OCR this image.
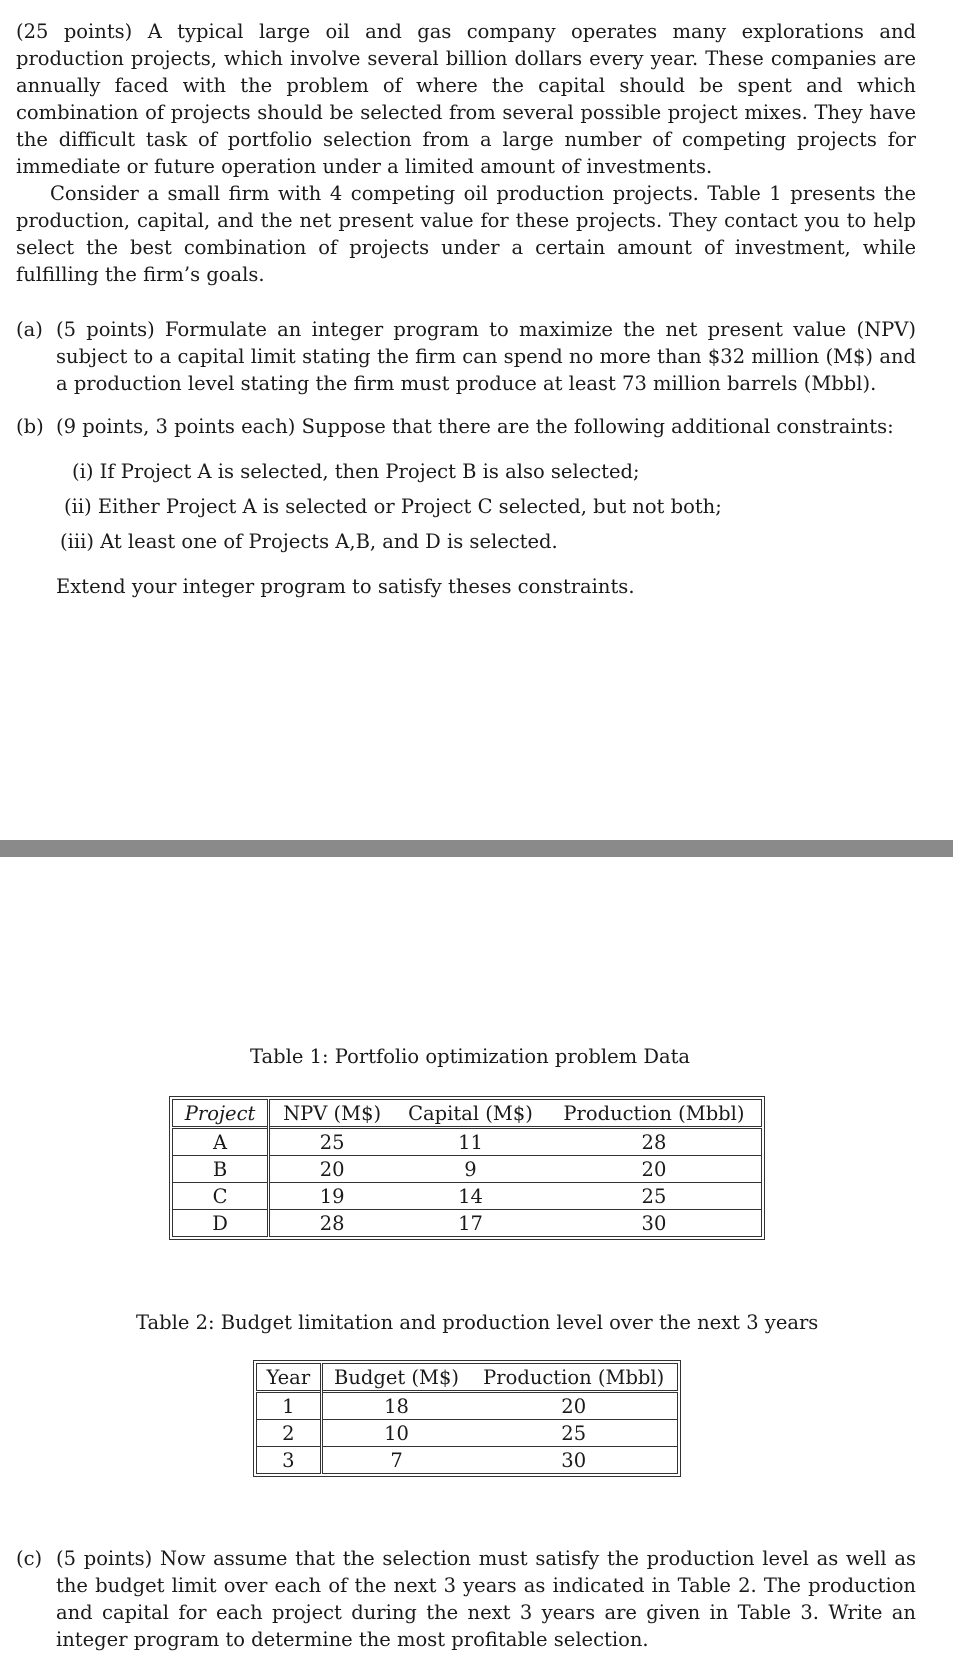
(25 points) A typical large oil and gas company operates many explorations and production projects, which involve several billion dollars every year. These companies are annually faced with the problem of where the capital should be spent and which combination of projects should be selected from several possible project mixes. They have the difficult task of portfolio selection from a large number of competing projects for immediate or future operation under a limited amount of investments.

Consider a small firm with 4 competing oil production projects. Table 1 presents the production, capital, and the net present value for these projects. They contact you to help select the best combination of projects under a certain amount of investment, while fulfilling the firm’s goals.

(a) (5 points) Formulate an integer program to maximize the net present value (NPV) subject to a capital limit stating the firm can spend no more than $32 million (M$) and a production level stating the firm must produce at least 73 million barrels (Mbbl).
(b) (9 points, 3 points each) Suppose that there are the following additional constraints:
(i) If Project A is selected, then Project B is also selected;
(ii) Either Project A is selected or Project C selected, but not both;
(iii) At least one of Projects A,B, and D is selected.
Extend your integer program to satisfy theses constraints.
Table 1: Portfolio optimization problem Data
Project	NPV (M$)	Capital (M$)	Production (Mbbl)
A	25	11	28
B	20	9	20
C	19	14	25
D	28	17	30
Table 2: Budget limitation and production level over the next 3 years
Year	Budget (M$)	Production (Mbbl)
1	18	20
2	10	25
3	7	30
(c) (5 points) Now assume that the selection must satisfy the production level as well as the budget limit over each of the next 3 years as indicated in Table 2. The production and capital for each project during the next 3 years are given in Table 3. Write an integer program to determine the most profitable selection.
